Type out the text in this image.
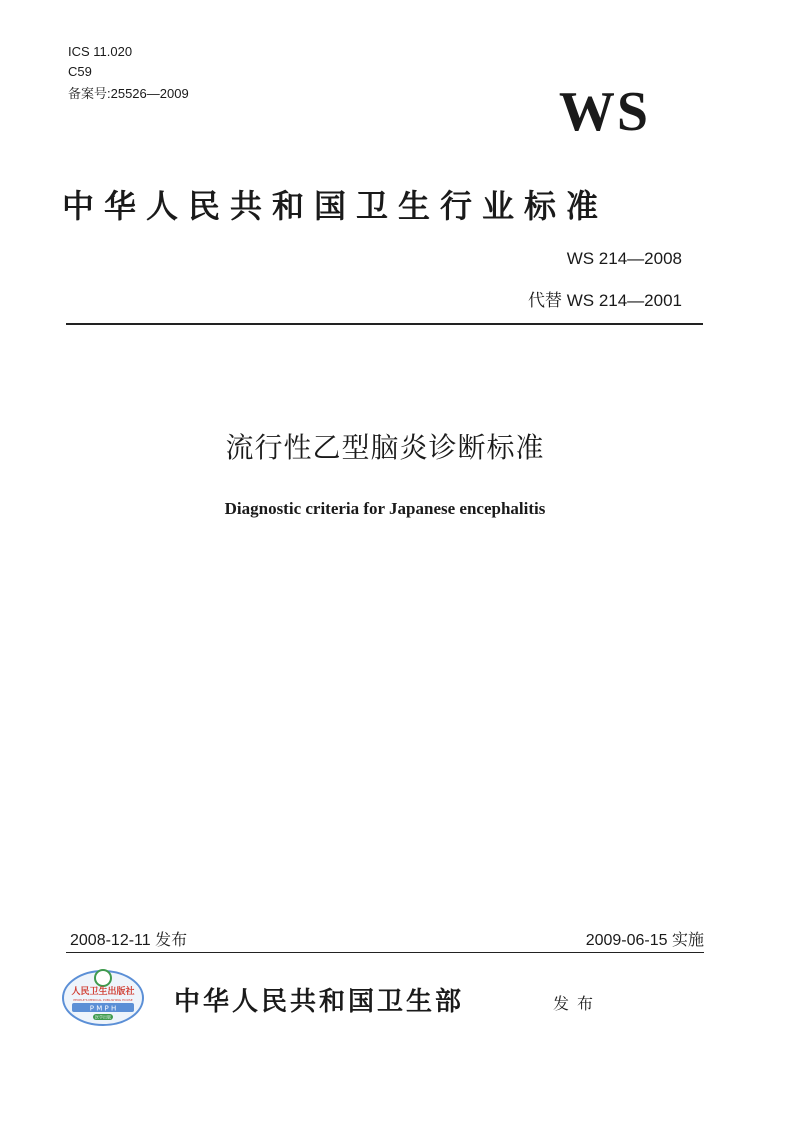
ICS 11.020
C59
备案号:25526—2009	WS
中华人民共和国卫生行业标准
WS 214—2008
代替 WS 214—2001
流行性乙型脑炎诊断标准
Diagnostic criteria for Japanese encephalitis
2008-12-11 发布	2009-06-15 实施
人民卫生出版社
PEOPLE'S MEDICAL PUBLISHING HOUSE
P M P H
医学出版
中华人民共和国卫生部	发布
